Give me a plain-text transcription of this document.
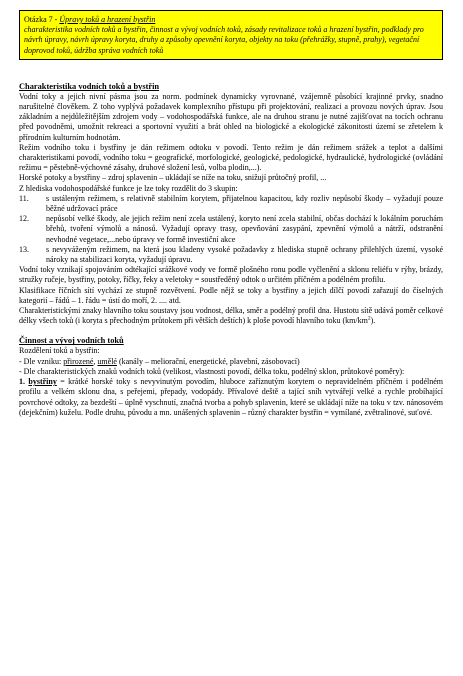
Otázka 7 - Úpravy toků a hrazení bystřin
charakteristika vodních toků a bystřin, činnost a vývoj vodních toků, zásady revitalizace toků a hrazení bystřin, podklady pro návrh úpravy, návrh úpravy koryta, druhy a způsoby opevnění koryta, objekty na toku (přehrážky, stupně, prahy), vegetační doprovod toků, údržba správa vodních toků
Charakteristika vodních toků a bystřin

Vodní toky a jejich nivní pásma jsou za norm. podmínek dynamicky vyrovnané, vzájemně působící krajinné prvky, snadno narušitelné člověkem. Z toho vyplývá požadavek komplexního přístupu při projektování, realizaci a provozu nových úprav. Jsou základním a nejdůležitějším zdrojem vody – vodohospodářská funkce, ale na druhou stranu je nutné zajišťovat na tocích ochranu před povodněmi, umožnit rekreaci a sportovní využití a brát ohled na biologické a ekologické zákonitosti území se zřetelem k přírodním kulturním hodnotám.

Režim vodního toku i bystřiny je dán režimem odtoku v povodí. Tento režim je dán režimem srážek a teplot a dalšími charakteristikami povodí, vodního toku = geografické, morfologické, geologické, pedologické, hydraulické, hydrologické (ovládání režimu = pěstebně-výchovné zásahy, druhové složení lesů, volba plodin,...).

Horské potoky a bystřiny – zdroj splavenin – ukládají se níže na toku, snižují průtočný profil, ...

Z hlediska vodohospodářské funkce je lze toky rozdělit do 3 skupin:

11.	s ustáleným režimem, s relativně stabilním korytem, přijatelnou kapacitou, kdy rozliv nepůsobí škody – vyžadují pouze běžné udržovací práce
12.	nepůsobí velké škody, ale jejich režim není zcela ustálený, koryto není zcela stabilní, občas dochází k lokálním poruchám břehů, tvoření výmolů a nánosů. Vyžadují opravy trasy, opevňování zasypání, zpevnění výmolů a nátrží, odstranění nevhodné vegetace,...nebo úpravy ve formě investiční akce
13.	s nevyváženým režimem, na která jsou kladeny vysoké požadavky z hlediska stupně ochrany přilehlých území, vysoké nároky na stabilizaci koryta, vyžadují úpravu.

Vodní toky vznikají spojováním odtékající srážkové vody ve formě plošného ronu podle vyčlenění a sklonu reliéfu v rýhy, brázdy, stružky ručeje, bystřiny, potoky, říčky, řeky a veletoky = soustředěný odtok o určitém příčném a podélném profilu.

Klasifikace říčních sítí vychází ze stupně rozvětvení. Podle nějž se toky a bystřiny a jejich dílčí povodí zařazují do číselných kategorií – řádů – 1. řádu = ústí do moří, 2. .... atd.

Charakteristickými znaky hlavního toku soustavy jsou vodnost, délka, směr a podélný profil dna. Hustotu sítě udává poměr celkové délky všech toků (i koryta s přechodným průtokem při větších deštích) k ploše povodí hlavního toku $(km/km^2)$.

Činnost a vývoj vodních toků

Rozdělení toků a bystřin:

- Dle vzniku: přirozené, umělé (kanály – meliorační, energetické, plavební, zásobovací)

- Dle charakteristických znaků vodních toků (velikost, vlastnosti povodí, délka toku, podélný sklon, průtokové poměry):

1. bystřiny = krátké horské toky s nevyvinutým povodím, hluboce zaříznutým korytem o nepravidelném příčném i podélném profilu a velkém sklonu dna, s peřejemi, přepady, vodopády. Přívalové deště a tající sníh vytvářejí velké a rychle probíhající povrchové odtoky, za bezdeští – úplně vyschnutí, značná tvorba a pohyb splavenin, které se ukládají níže na toku v tzv. nánosovém (dejekčním) kuželu. Podle druhu, původu a mn. unášených splavenin – různý charakter bystřin = vymílané, zvětralinové, suťové.
